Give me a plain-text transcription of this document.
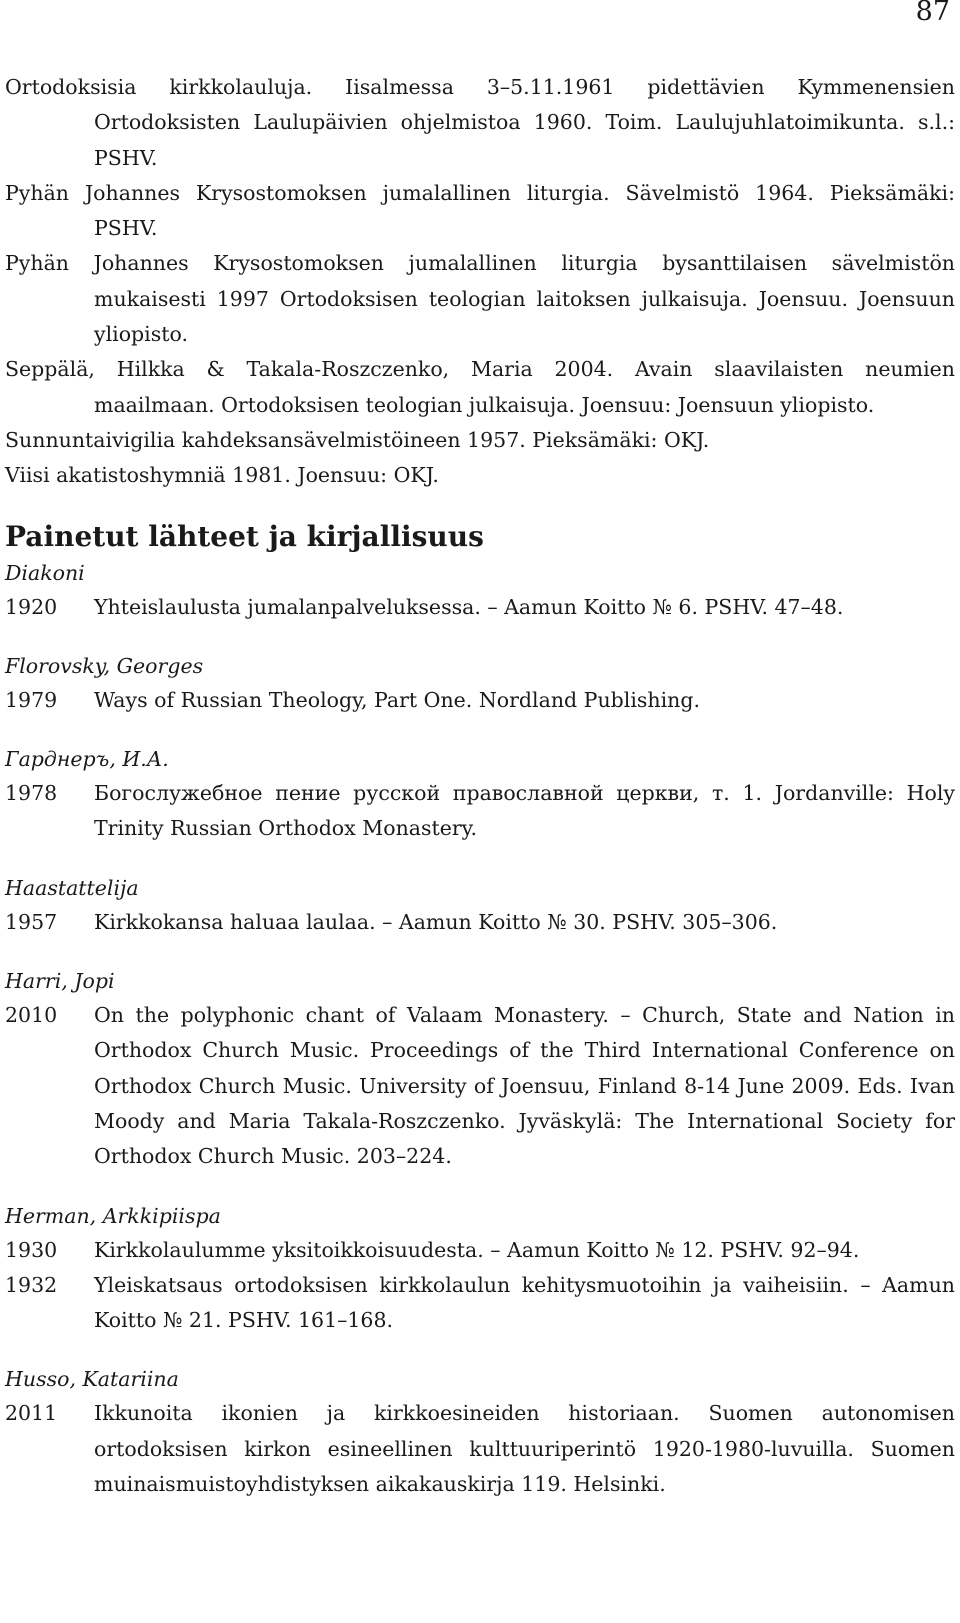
87
Ortodoksisia kirkkolauluja. Iisalmessa 3–5.11.1961 pidettävien Kymmenensien Ortodoksisten Laulupäivien ohjelmistoa 1960. Toim. Laulujuhlatoimikunta. s.l.: PSHV.
Pyhän Johannes Krysostomoksen jumalallinen liturgia. Sävelmistö 1964. Pieksämäki: PSHV.
Pyhän Johannes Krysostomoksen jumalallinen liturgia bysanttilaisen sävelmistön mukaisesti 1997 Ortodoksisen teologian laitoksen julkaisuja. Joensuu. Joensuun yliopisto.
Seppälä, Hilkka & Takala-Roszczenko, Maria 2004. Avain slaavilaisten neumien maailmaan. Ortodoksisen teologian julkaisuja. Joensuu: Joensuun yliopisto.
Sunnuntaivigilia kahdeksansävelmistöineen 1957. Pieksämäki: OKJ.
Viisi akatistoshymniä 1981. Joensuu: OKJ.
Painetut lähteet ja kirjallisuus
Diakoni
1920	Yhteislaulusta jumalanpalveluksessa. – Aamun Koitto № 6. PSHV. 47–48.
Florovsky, Georges
1979	Ways of Russian Theology, Part One. Nordland Publishing.
Гарднеръ, И.А.
1978	Богослужебное пение русской православной церкви, т. 1. Jordanville: Holy Trinity Russian Orthodox Monastery.
Haastattelija
1957	Kirkkokansa haluaa laulaa. – Aamun Koitto № 30. PSHV. 305–306.
Harri, Jopi
2010	On the polyphonic chant of Valaam Monastery. – Church, State and Nation in Orthodox Church Music. Proceedings of the Third International Conference on Orthodox Church Music. University of Joensuu, Finland 8-14 June 2009. Eds. Ivan Moody and Maria Takala-Roszczenko. Jyväskylä: The International Society for Orthodox Church Music. 203–224.
Herman, Arkkipiispa
1930	Kirkkolaulumme yksitoikkoisuudesta. – Aamun Koitto № 12. PSHV. 92–94.
1932	Yleiskatsaus ortodoksisen kirkkolaulun kehitysmuotoihin ja vaiheisiin. – Aamun Koitto № 21. PSHV. 161–168.
Husso, Katariina
2011	Ikkunoita ikonien ja kirkkoesineiden historiaan. Suomen autonomisen ortodoksisen kirkon esineellinen kulttuuriperintö 1920-1980-luvuilla. Suomen muinaismuistoyhdistyksen aikakauskirja 119. Helsinki.
